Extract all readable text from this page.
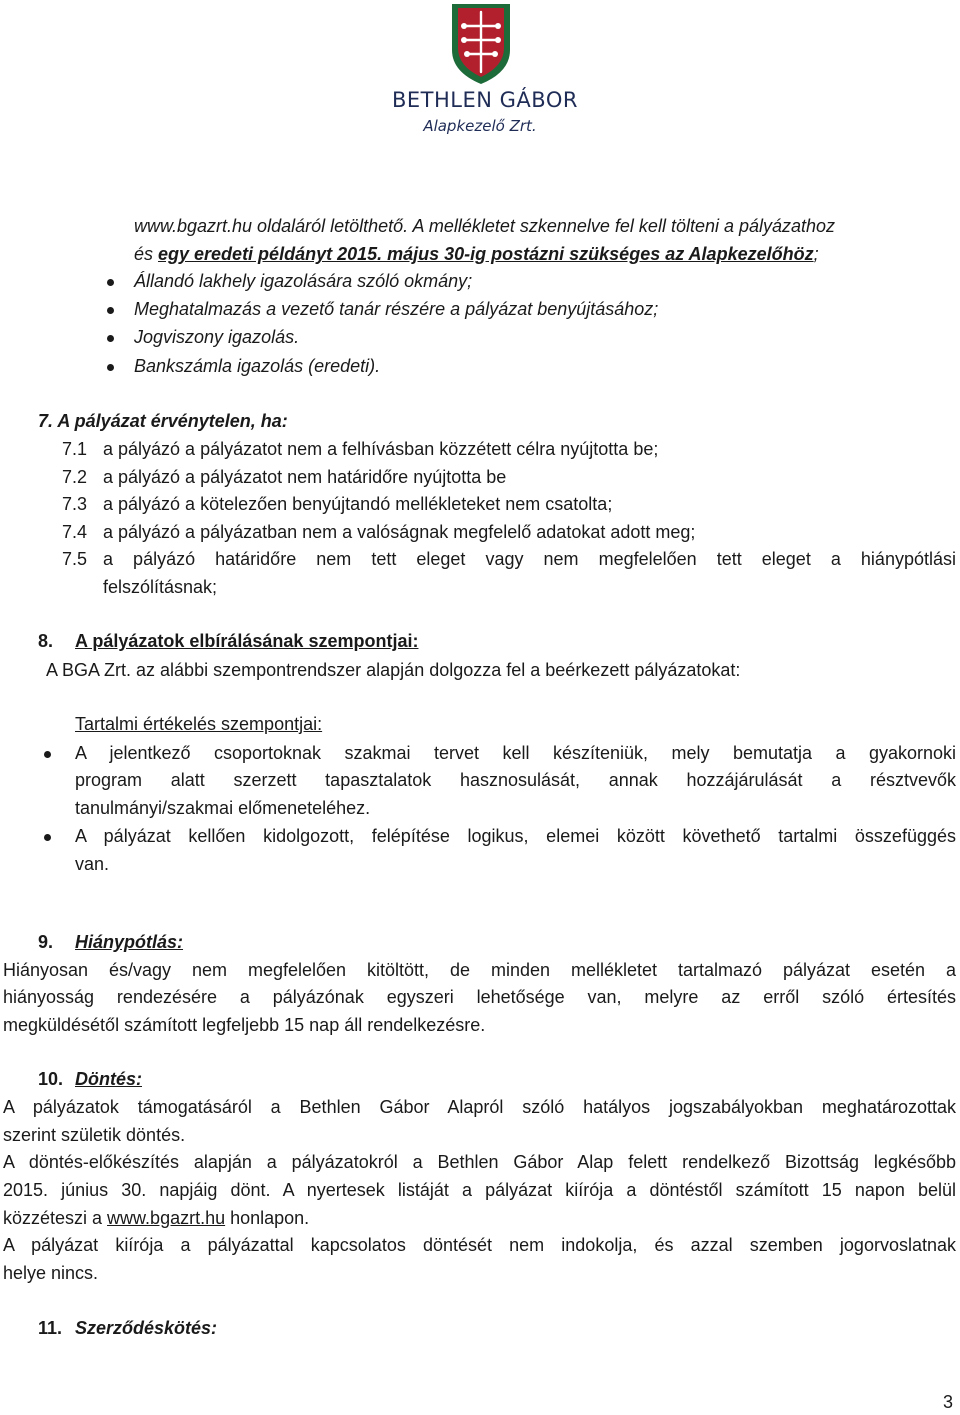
BETHLEN GÁBOR
Alapkezelő Zrt.
www.bgazrt.hu oldaláról letölthető. A mellékletet szkennelve fel kell tölteni a pályázathoz
és egy eredeti példányt 2015. május 30-ig postázni szükséges az Alapkezelőhöz;
Állandó lakhely igazolására szóló okmány;
Meghatalmazás a vezető tanár részére a pályázat benyújtásához;
Jogviszony igazolás.
Bankszámla igazolás (eredeti).
7. A pályázat érvénytelen, ha:
7.1 a pályázó a pályázatot nem a felhívásban közzétett célra nyújtotta be;
7.2 a pályázó a pályázatot nem határidőre nyújtotta be
7.3 a pályázó a kötelezően benyújtandó mellékleteket nem csatolta;
7.4 a pályázó a pályázatban nem a valóságnak megfelelő adatokat adott meg;
7.5 a pályázó határidőre nem tett eleget vagy nem megfelelően tett eleget a hiánypótlási
felszólításnak;
8. A pályázatok elbírálásának szempontjai:
A BGA Zrt. az alábbi szempontrendszer alapján dolgozza fel a beérkezett pályázatokat:
Tartalmi értékelés szempontjai:
A jelentkező csoportoknak szakmai tervet kell készíteniük, mely bemutatja a gyakornoki
program alatt szerzett tapasztalatok hasznosulását, annak hozzájárulását a résztvevők
tanulmányi/szakmai előmeneteléhez.
A pályázat kellően kidolgozott, felépítése logikus, elemei között követhető tartalmi összefüggés
van.
9. Hiánypótlás:
Hiányosan és/vagy nem megfelelően kitöltött, de minden mellékletet tartalmazó pályázat esetén a
hiányosság rendezésére a pályázónak egyszeri lehetősége van, melyre az erről szóló értesítés
megküldésétől számított legfeljebb 15 nap áll rendelkezésre.
10. Döntés:
A pályázatok támogatásáról a Bethlen Gábor Alapról szóló hatályos jogszabályokban meghatározottak
szerint születik döntés.
A döntés-előkészítés alapján a pályázatokról a Bethlen Gábor Alap felett rendelkező Bizottság legkésőbb
2015. június 30. napjáig dönt. A nyertesek listáját a pályázat kiírója a döntéstől számított 15 napon belül
közzéteszi a www.bgazrt.hu honlapon.
A pályázat kiírója a pályázattal kapcsolatos döntését nem indokolja, és azzal szemben jogorvoslatnak
helye nincs.
11. Szerződéskötés:
3
